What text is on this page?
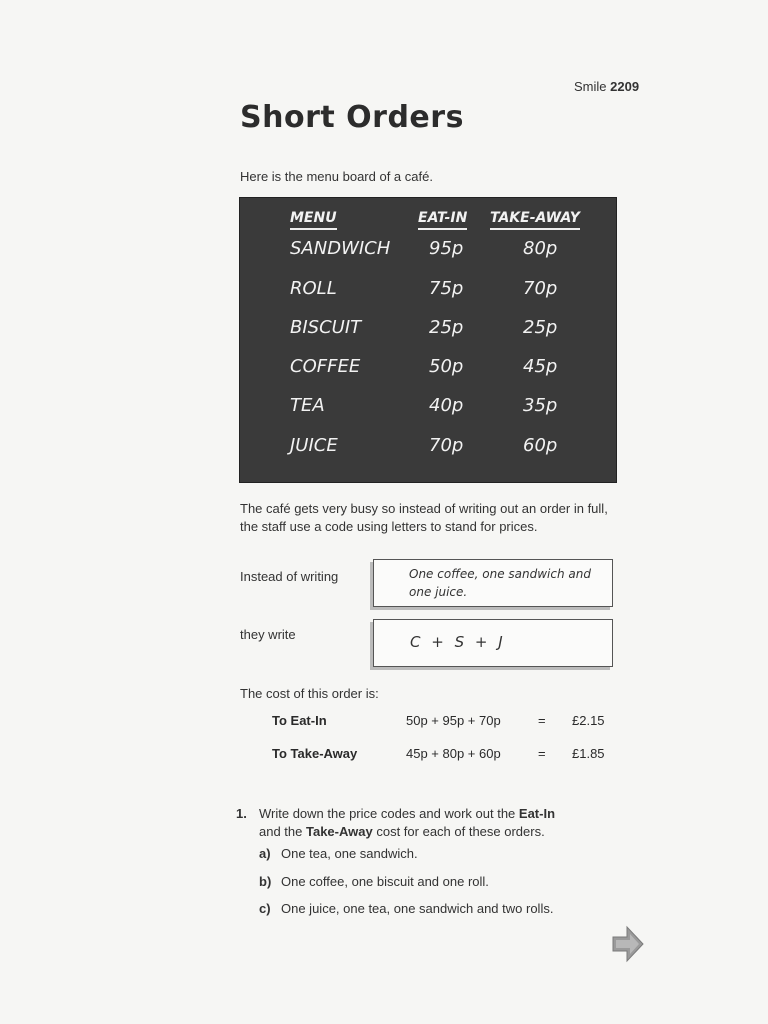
Smile 2209
Short Orders
Here is the menu board of a café.
MENU	EAT-IN TAKE-AWAY
SANDWICH 95p	80p
ROLL	75p	70p
BISCUIT	25p	25p
COFFEE	50p	45p
TEA	40p	35p
JUICE	70p	60p
The café gets very busy so instead of writing out an order in full, the staff use a code using letters to stand for prices.
Instead of writing	One coffee, one sandwich and one juice.
they write	C + S + J
The cost of this order is:
To Eat-In	50p + 95p + 70p	= £2.15
To Take-Away	45p + 80p + 60p	= £1.85
1. Write down the price codes and work out the Eat-In
and the Take-Away cost for each of these orders.
a) One tea, one sandwich.
b) One coffee, one biscuit and one roll.
c) One juice, one tea, one sandwich and two rolls.
